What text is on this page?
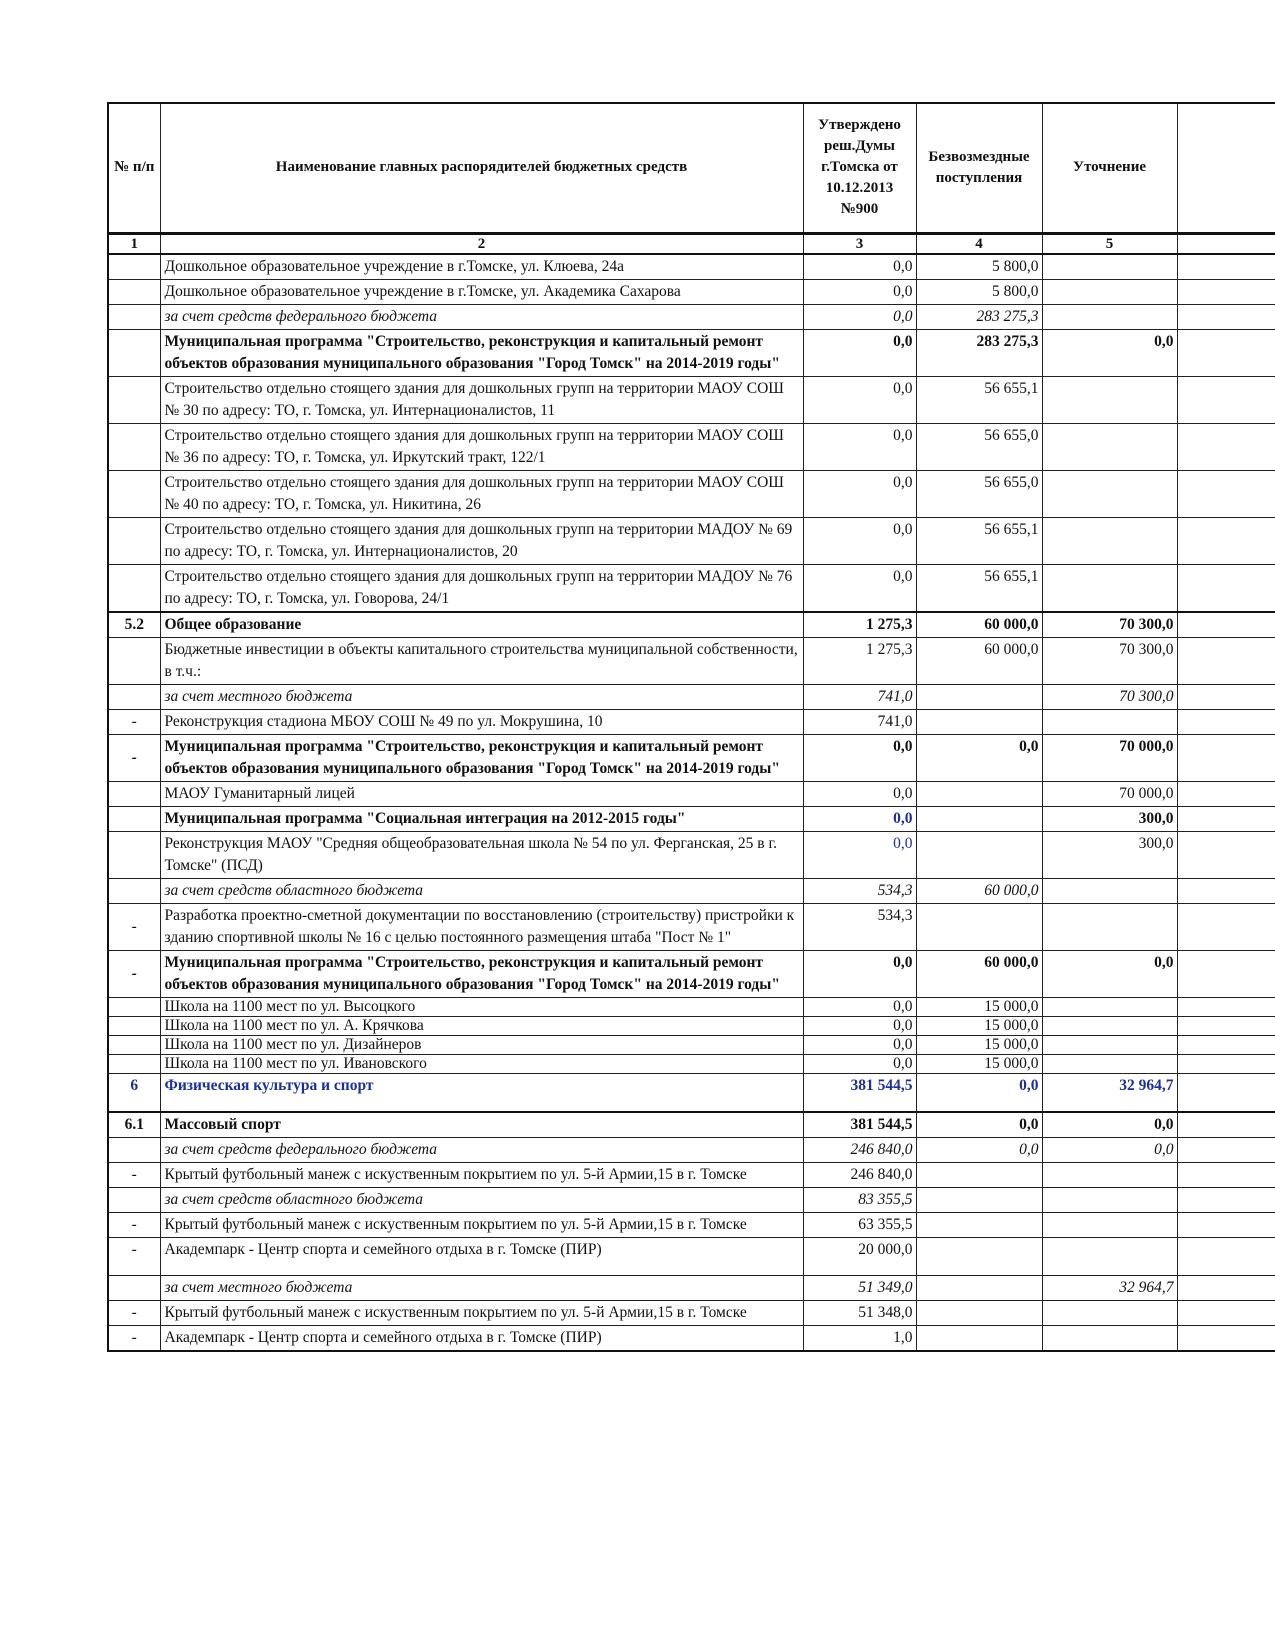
№ п/п	Наименование главных распорядителей бюджетных средств	Утверждено реш.Думы г.Томска от 10.12.2013 №900	Безвозмездные поступления	Уточнение	
1	2	3	4	5	
	Дошкольное образовательное учреждение в г.Томске, ул. Клюева, 24а	0,0	5 800,0		
	Дошкольное образовательное учреждение в г.Томске, ул. Академика Сахарова	0,0	5 800,0		
	за счет средств федерального бюджета	0,0	283 275,3		
	Муниципальная программа "Строительство, реконструкция и капитальный ремонт объектов образования муниципального образования "Город Томск" на 2014-2019 годы"	0,0	283 275,3	0,0	
	Строительство отдельно стоящего здания для дошкольных групп на территории МАОУ СОШ № 30 по адресу: ТО, г. Томска, ул. Интернационалистов, 11	0,0	56 655,1		
	Строительство отдельно стоящего здания для дошкольных групп на территории МАОУ СОШ № 36 по адресу: ТО, г. Томска, ул. Иркутский тракт, 122/1	0,0	56 655,0		
	Строительство отдельно стоящего здания для дошкольных групп на территории МАОУ СОШ № 40 по адресу: ТО, г. Томска, ул. Никитина, 26	0,0	56 655,0		
	Строительство отдельно стоящего здания для дошкольных групп на территории МАДОУ № 69 по адресу: ТО, г. Томска, ул. Интернационалистов, 20	0,0	56 655,1		
	Строительство отдельно стоящего здания для дошкольных групп на территории МАДОУ № 76 по адресу: ТО, г. Томска, ул. Говорова, 24/1	0,0	56 655,1		
5.2	Общее образование	1 275,3	60 000,0	70 300,0	
	Бюджетные инвестиции в объекты капитального строительства муниципальной собственности, в т.ч.:	1 275,3	60 000,0	70 300,0	
	за счет местного бюджета	741,0		70 300,0	
-	Реконструкция стадиона МБОУ СОШ № 49 по ул. Мокрушина, 10	741,0			
-	Муниципальная программа "Строительство, реконструкция и капитальный ремонт объектов образования муниципального образования "Город Томск" на 2014-2019 годы"	0,0	0,0	70 000,0	
	МАОУ Гуманитарный лицей	0,0		70 000,0	
	Муниципальная программа "Социальная интеграция на 2012-2015 годы"	0,0		300,0	
	Реконструкция МАОУ "Средняя общеобразовательная школа № 54 по ул. Ферганская, 25 в г. Томске" (ПСД)	0,0		300,0	
	за счет средств областного бюджета	534,3	60 000,0		
-	Разработка проектно-сметной документации по восстановлению (строительству) пристройки к зданию спортивной школы № 16 с целью постоянного размещения штаба "Пост № 1"	534,3			
-	Муниципальная программа "Строительство, реконструкция и капитальный ремонт объектов образования муниципального образования "Город Томск" на 2014-2019 годы"	0,0	60 000,0	0,0	
	Школа на 1100 мест по ул. Высоцкого	0,0	15 000,0		
	Школа на 1100 мест по ул. А. Крячкова	0,0	15 000,0		
	Школа на 1100 мест по ул. Дизайнеров	0,0	15 000,0		
	Школа на 1100 мест по ул. Ивановского	0,0	15 000,0		
6	Физическая культура и спорт	381 544,5	0,0	32 964,7	
6.1	Массовый спорт	381 544,5	0,0	0,0	
	за счет средств федерального бюджета	246 840,0	0,0	0,0	
-	Крытый футбольный манеж с искуственным покрытием по ул. 5-й Армии,15 в г. Томске	246 840,0			
	за счет средств областного бюджета	83 355,5			
-	Крытый футбольный манеж с искуственным покрытием по ул. 5-й Армии,15 в г. Томске	63 355,5			
-	Академпарк - Центр спорта и семейного отдыха в г. Томске (ПИР)	20 000,0			
	за счет местного бюджета	51 349,0		32 964,7	
-	Крытый футбольный манеж с искуственным покрытием по ул. 5-й Армии,15 в г. Томске	51 348,0			
-	Академпарк - Центр спорта и семейного отдыха в г. Томске (ПИР)	1,0			
